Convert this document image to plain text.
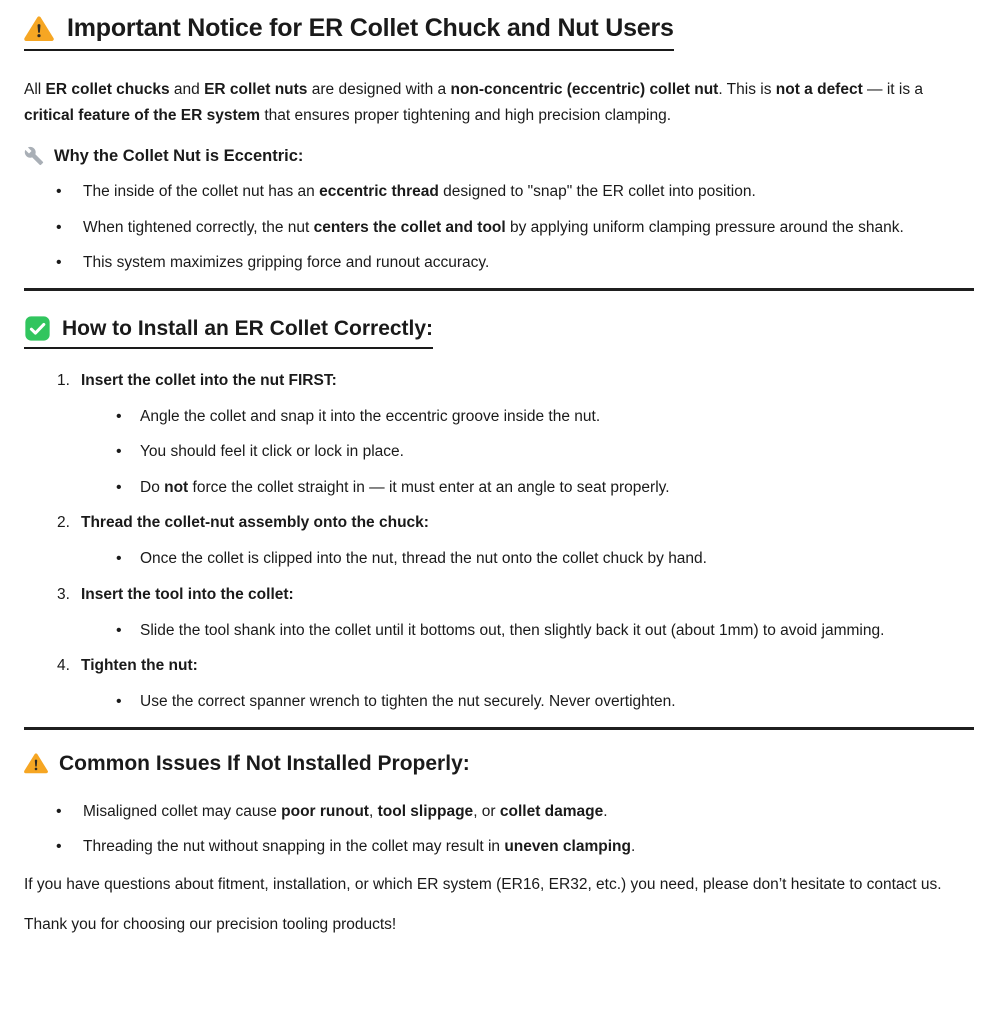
Important Notice for ER Collet Chuck and Nut Users

All ER collet chucks and ER collet nuts are designed with a non-concentric (eccentric) collet nut. This is not a defect — it is a critical feature of the ER system that ensures proper tightening and high precision clamping.

Why the Collet Nut is Eccentric:
• The inside of the collet nut has an eccentric thread designed to "snap" the ER collet into position.
• When tightened correctly, the nut centers the collet and tool by applying uniform clamping pressure around the shank.
• This system maximizes gripping force and runout accuracy.
How to Install an ER Collet Correctly:
1. Insert the collet into the nut FIRST:
• Angle the collet and snap it into the eccentric groove inside the nut.
• You should feel it click or lock in place.
• Do not force the collet straight in — it must enter at an angle to seat properly.
2. Thread the collet-nut assembly onto the chuck:
• Once the collet is clipped into the nut, thread the nut onto the collet chuck by hand.
3. Insert the tool into the collet:
• Slide the tool shank into the collet until it bottoms out, then slightly back it out (about 1mm) to avoid jamming.
4. Tighten the nut:
• Use the correct spanner wrench to tighten the nut securely. Never overtighten.
Common Issues If Not Installed Properly:
• Misaligned collet may cause poor runout, tool slippage, or collet damage.
• Threading the nut without snapping in the collet may result in uneven clamping.

If you have questions about fitment, installation, or which ER system (ER16, ER32, etc.) you need, please don’t hesitate to contact us.

Thank you for choosing our precision tooling products!
